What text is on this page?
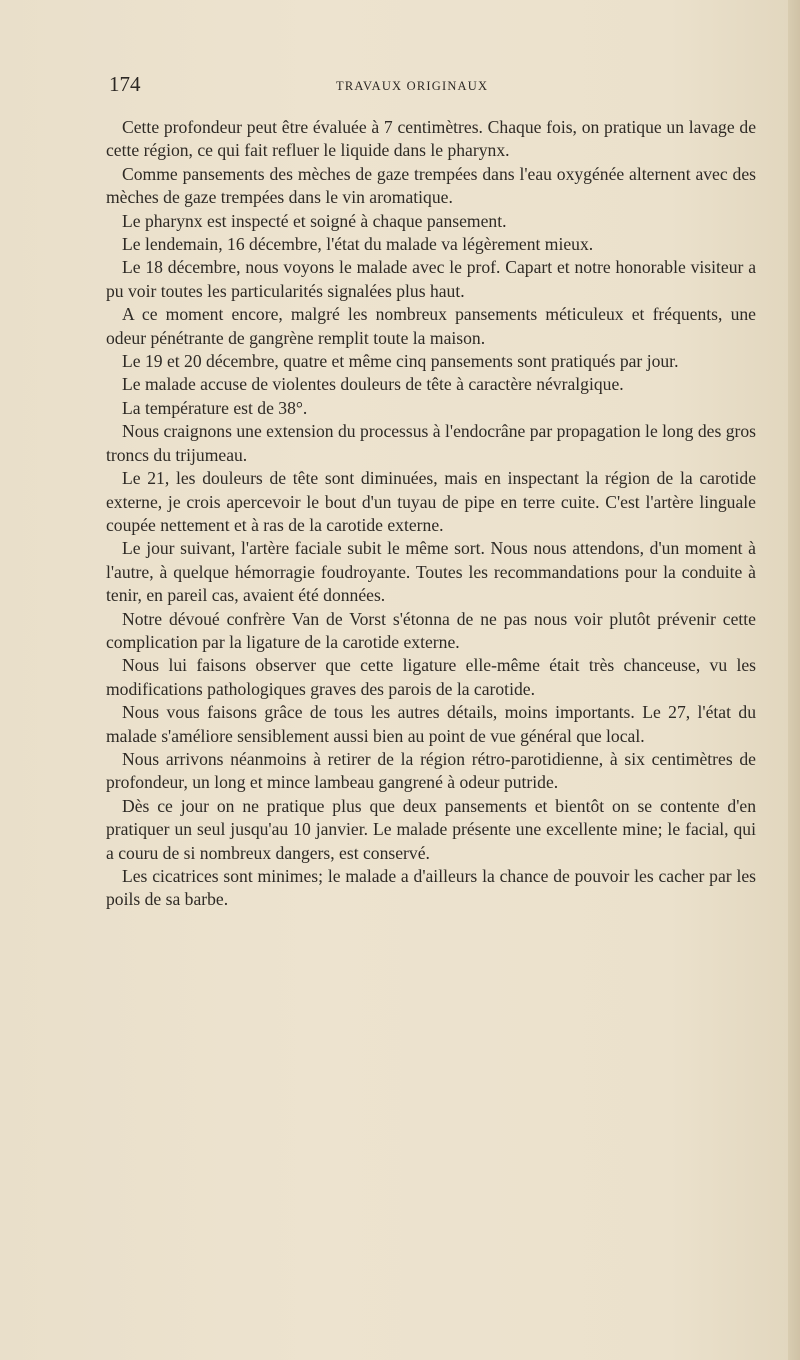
174	TRAVAUX ORIGINAUX

Cette profondeur peut être évaluée à 7 centimètres. Chaque fois, on pratique un lavage de cette région, ce qui fait refluer le liquide dans le pharynx.

Comme pansements des mèches de gaze trempées dans l'eau oxygénée alternent avec des mèches de gaze trempées dans le vin aromatique.

Le pharynx est inspecté et soigné à chaque pansement.

Le lendemain, 16 décembre, l'état du malade va légèrement mieux.

Le 18 décembre, nous voyons le malade avec le prof. Capart et notre honorable visiteur a pu voir toutes les particularités signalées plus haut.

A ce moment encore, malgré les nombreux pansements méticuleux et fréquents, une odeur pénétrante de gangrène remplit toute la maison.

Le 19 et 20 décembre, quatre et même cinq pansements sont pratiqués par jour.

Le malade accuse de violentes douleurs de tête à caractère névralgique.

La température est de 38°.

Nous craignons une extension du processus à l'endocrâne par propagation le long des gros troncs du trijumeau.

Le 21, les douleurs de tête sont diminuées, mais en inspectant la région de la carotide externe, je crois apercevoir le bout d'un tuyau de pipe en terre cuite. C'est l'artère linguale coupée nettement et à ras de la carotide externe.

Le jour suivant, l'artère faciale subit le même sort. Nous nous attendons, d'un moment à l'autre, à quelque hémorragie foudroyante. Toutes les recommandations pour la conduite à tenir, en pareil cas, avaient été données.

Notre dévoué confrère Van de Vorst s'étonna de ne pas nous voir plutôt prévenir cette complication par la ligature de la carotide externe.

Nous lui faisons observer que cette ligature elle-même était très chanceuse, vu les modifications pathologiques graves des parois de la carotide.

Nous vous faisons grâce de tous les autres détails, moins importants. Le 27, l'état du malade s'améliore sensiblement aussi bien au point de vue général que local.

Nous arrivons néanmoins à retirer de la région rétro-parotidienne, à six centimètres de profondeur, un long et mince lambeau gangrené à odeur putride.

Dès ce jour on ne pratique plus que deux pansements et bientôt on se contente d'en pratiquer un seul jusqu'au 10 janvier. Le malade présente une excellente mine; le facial, qui a couru de si nombreux dangers, est conservé.

Les cicatrices sont minimes; le malade a d'ailleurs la chance de pouvoir les cacher par les poils de sa barbe.
